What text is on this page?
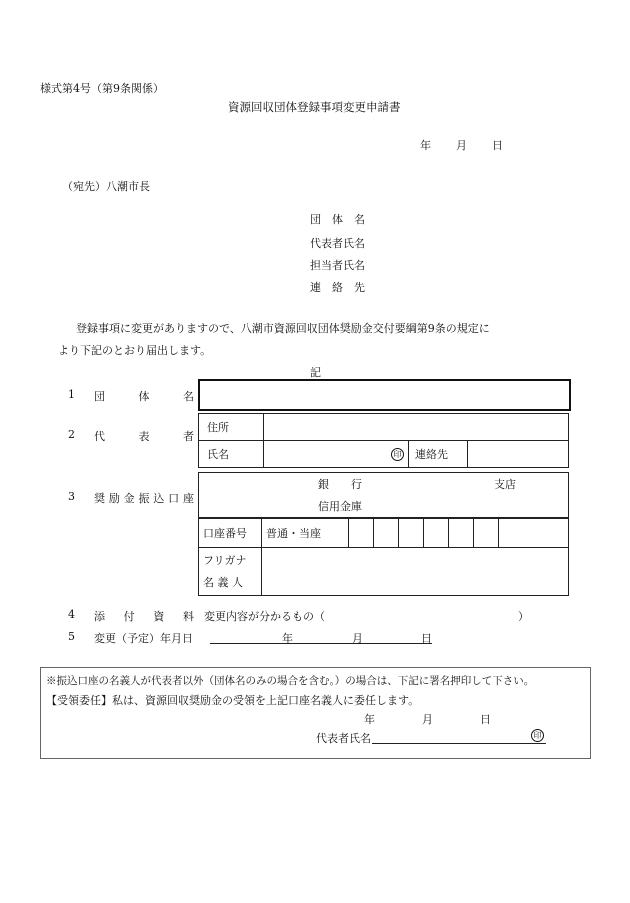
様式第4号（第9条関係）
資源回収団体登録事項変更申請書
年 月 日
（宛先）八潮市長
団　体　名
代表者氏名
担当者氏名
連　絡　先
登録事項に変更がありますので、八潮市資源回収団体奨励金交付要綱第9条の規定に
より下記のとおり届出します。
記
1 団	体	名
2 代	表	者
住所			
氏名	印	連絡先	
3 奨 励 金 振 込 口 座
銀　　行	支店
信用金庫
口座番号	普通・当座							

フリガナ
名 義 人								

4 添 付 資 料 変更内容が分かるもの（	）
5 変更（予定）年月日	年	月	日
※振込口座の名義人が代表者以外（団体名のみの場合を含む。）の場合は、下記に署名押印して下さい。
【受領委任】私は、資源回収奨励金の受領を上記口座名義人に委任します。
年	月	日
代表者氏名	印
